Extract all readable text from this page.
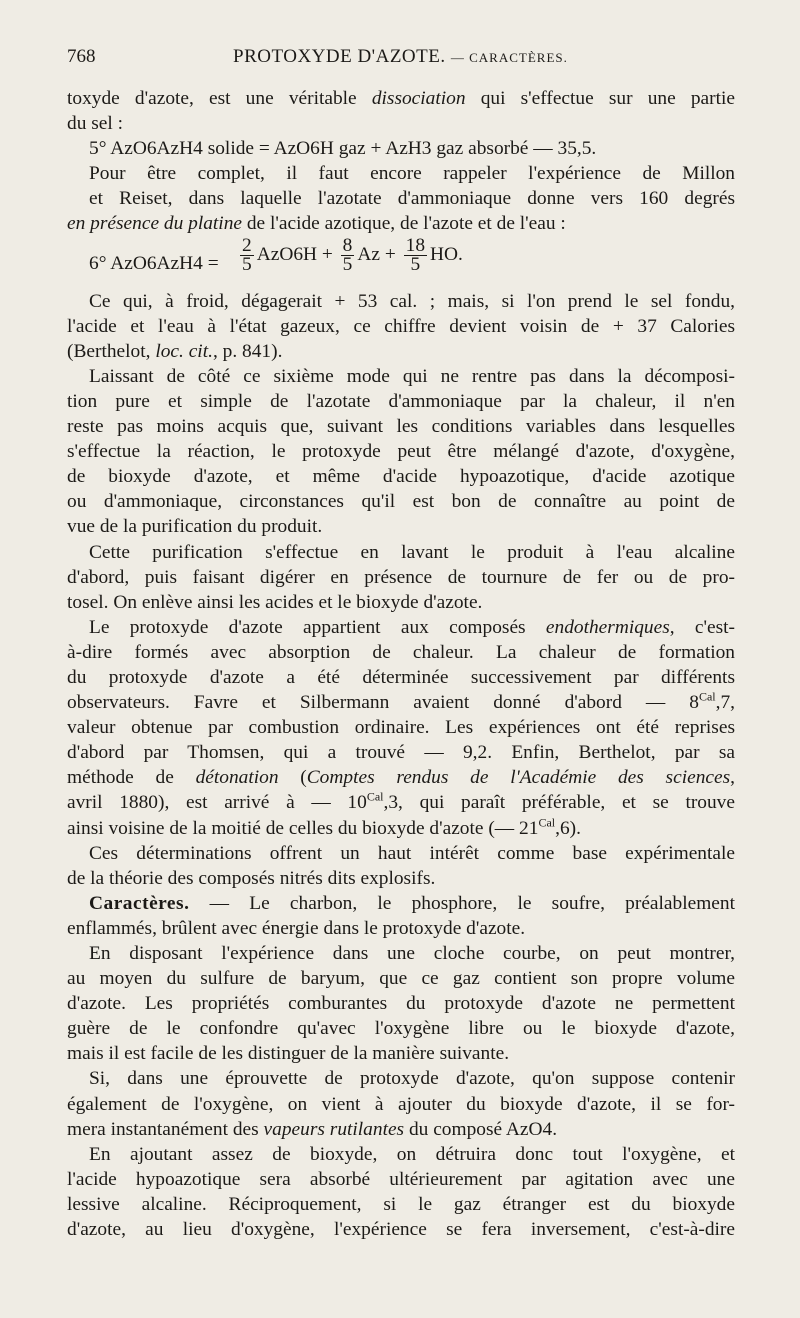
768	PROTOXYDE D'AZOTE. — CARACTÈRES.

toxyde d'azote, est une véritable dissociation qui s'effectue sur une partie
du sel :

5° AzO6AzH4 solide = AzO6H gaz + AzH3 gaz absorbé — 35,5.

Pour être complet, il faut encore rappeler l'expérience de Millon
et Reiset, dans laquelle l'azotate d'ammoniaque donne vers 160 degrés
en présence du platine de l'acide azotique, de l'azote et de l'eau :

6° $AzO6AzH4 = \frac{2}{5} AzO6H + \frac{8}{5}$ $Az + \frac{18}{5}$ HO.

Ce qui, à froid, dégagerait + 53 cal. ; mais, si l'on prend le sel fondu,
l'acide et l'eau à l'état gazeux, ce chiffre devient voisin de + 37 Calories
(Berthelot, loc. cit., p. 841).

Laissant de côté ce sixième mode qui ne rentre pas dans la décomposi-
tion pure et simple de l'azotate d'ammoniaque par la chaleur, il n'en
reste pas moins acquis que, suivant les conditions variables dans lesquelles
s'effectue la réaction, le protoxyde peut être mélangé d'azote, d'oxygène,
de bioxyde d'azote, et même d'acide hypoazotique, d'acide azotique
ou d'ammoniaque, circonstances qu'il est bon de connaître au point de
vue de la purification du produit.

Cette purification s'effectue en lavant le produit à l'eau alcaline
d'abord, puis faisant digérer en présence de tournure de fer ou de pro-
tosel. On enlève ainsi les acides et le bioxyde d'azote.

Le protoxyde d'azote appartient aux composés endothermiques, c'est-
à-dire formés avec absorption de chaleur. La chaleur de formation
du protoxyde d'azote a été déterminée successivement par différents
observateurs. Favre et Silbermann avaient donné d'abord — $8^{Cal},7$,
valeur obtenue par combustion ordinaire. Les expériences ont été reprises
d'abord par Thomsen, qui a trouvé — 9,2. Enfin, Berthelot, par sa
méthode de détonation (Comptes rendus de l'Académie des sciences,
avril 1880), est arrivé à — $10^{Cal},3$, qui paraît préférable, et se trouve
ainsi voisine de la moitié de celles du bioxyde d'azote (— $21^{Cal},6$).

Ces déterminations offrent un haut intérêt comme base expérimentale
de la théorie des composés nitrés dits explosifs.

Caractères. — Le charbon, le phosphore, le soufre, préalablement
enflammés, brûlent avec énergie dans le protoxyde d'azote.

En disposant l'expérience dans une cloche courbe, on peut montrer,
au moyen du sulfure de baryum, que ce gaz contient son propre volume
d'azote. Les propriétés comburantes du protoxyde d'azote ne permettent
guère de le confondre qu'avec l'oxygène libre ou le bioxyde d'azote,
mais il est facile de les distinguer de la manière suivante.

Si, dans une éprouvette de protoxyde d'azote, qu'on suppose contenir
également de l'oxygène, on vient à ajouter du bioxyde d'azote, il se for-
mera instantanément des vapeurs rutilantes du composé AzO4.

En ajoutant assez de bioxyde, on détruira donc tout l'oxygène, et
l'acide hypoazotique sera absorbé ultérieurement par agitation avec une
lessive alcaline. Réciproquement, si le gaz étranger est du bioxyde
d'azote, au lieu d'oxygène, l'expérience se fera inversement, c'est-à-dire
